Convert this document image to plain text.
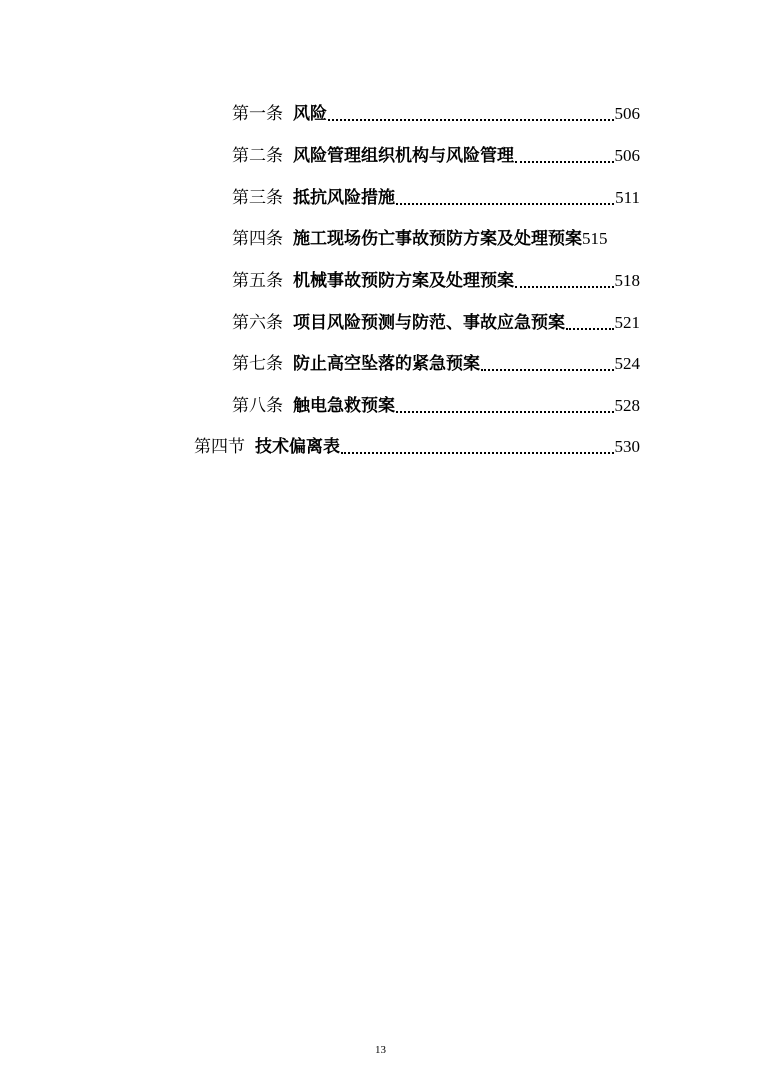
第一条 风险	506
第二条 风险管理组织机构与风险管理	506
第三条 抵抗风险措施	511
第四条 施工现场伤亡事故预防方案及处理预案 515
第五条 机械事故预防方案及处理预案	518
第六条 项目风险预测与防范、事故应急预案	521
第七条 防止高空坠落的紧急预案	524
第八条 触电急救预案	528
第四节 技术偏离表	530
13
